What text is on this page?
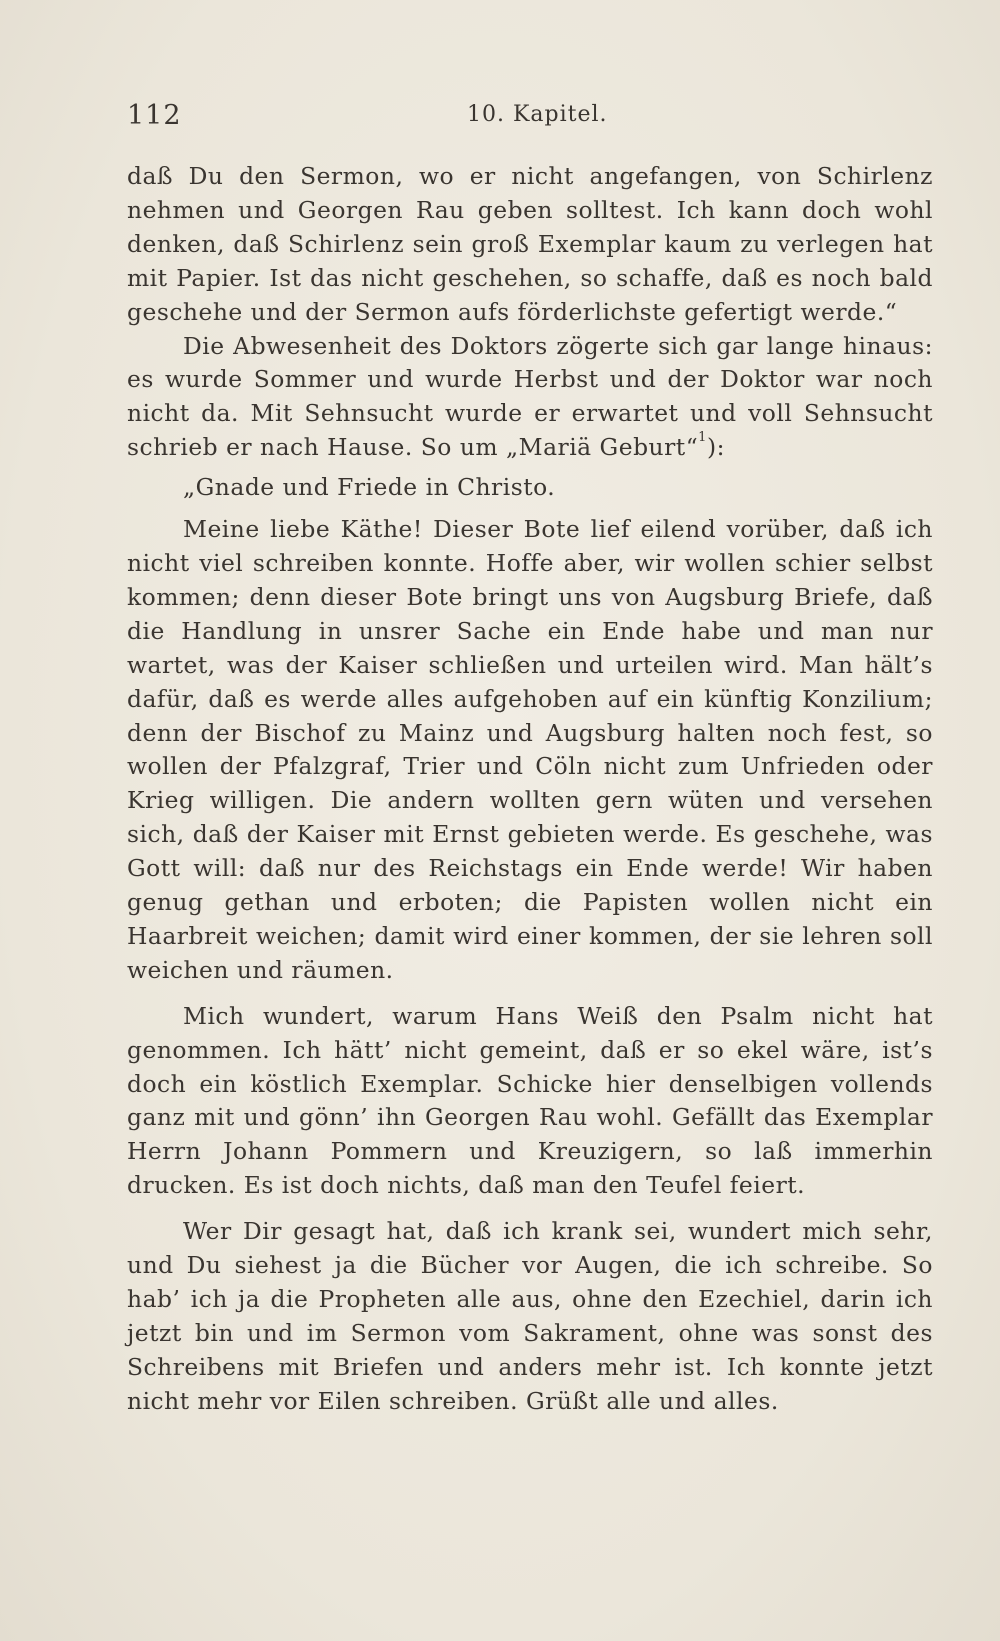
112	10. Kapitel.

daß Du den Sermon, wo er nicht angefangen, von Schirlenz nehmen und Georgen Rau geben solltest. Ich kann doch wohl denken, daß Schirlenz sein groß Exemplar kaum zu verlegen hat mit Papier. Ist das nicht geschehen, so schaffe, daß es noch bald geschehe und der Sermon aufs förderlichste gefertigt werde.“

Die Abwesenheit des Doktors zögerte sich gar lange hinaus: es wurde Sommer und wurde Herbst und der Doktor war noch nicht da. Mit Sehnsucht wurde er erwartet und voll Sehnsucht schrieb er nach Hause. So um „Mariä Geburt“$^1$):

„Gnade und Friede in Christo.

Meine liebe Käthe! Dieser Bote lief eilend vorüber, daß ich nicht viel schreiben konnte. Hoffe aber, wir wollen schier selbst kommen; denn dieser Bote bringt uns von Augsburg Briefe, daß die Handlung in unsrer Sache ein Ende habe und man nur wartet, was der Kaiser schließen und urteilen wird. Man hält’s dafür, daß es werde alles aufgehoben auf ein künftig Konzilium; denn der Bischof zu Mainz und Augsburg halten noch fest, so wollen der Pfalzgraf, Trier und Cöln nicht zum Unfrieden oder Krieg willigen. Die andern wollten gern wüten und versehen sich, daß der Kaiser mit Ernst gebieten werde. Es geschehe, was Gott will: daß nur des Reichstags ein Ende werde! Wir haben genug gethan und erboten; die Papisten wollen nicht ein Haarbreit weichen; damit wird einer kommen, der sie lehren soll weichen und räumen.

Mich wundert, warum Hans Weiß den Psalm nicht hat genommen. Ich hätt’ nicht gemeint, daß er so ekel wäre, ist’s doch ein köstlich Exemplar. Schicke hier denselbigen vollends ganz mit und gönn’ ihn Georgen Rau wohl. Gefällt das Exemplar Herrn Johann Pommern und Kreuzigern, so laß immerhin drucken. Es ist doch nichts, daß man den Teufel feiert.

Wer Dir gesagt hat, daß ich krank sei, wundert mich sehr, und Du siehest ja die Bücher vor Augen, die ich schreibe. So hab’ ich ja die Propheten alle aus, ohne den Ezechiel, darin ich jetzt bin und im Sermon vom Sakrament, ohne was sonst des Schreibens mit Briefen und anders mehr ist. Ich konnte jetzt nicht mehr vor Eilen schreiben. Grüßt alle und alles.
